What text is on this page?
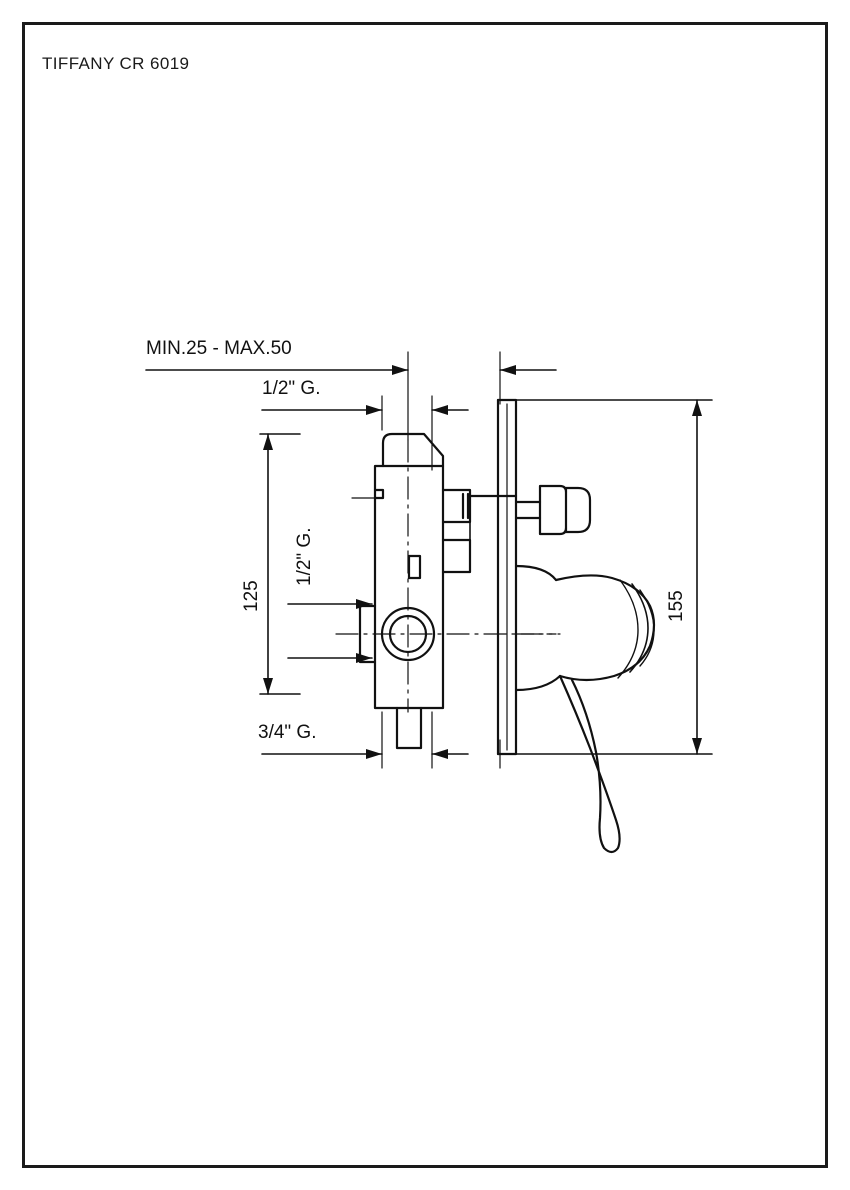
TIFFANY CR 6019
MIN.25 - MAX.50
1/2" G.
1/2" G.
125	155
3/4" G.
